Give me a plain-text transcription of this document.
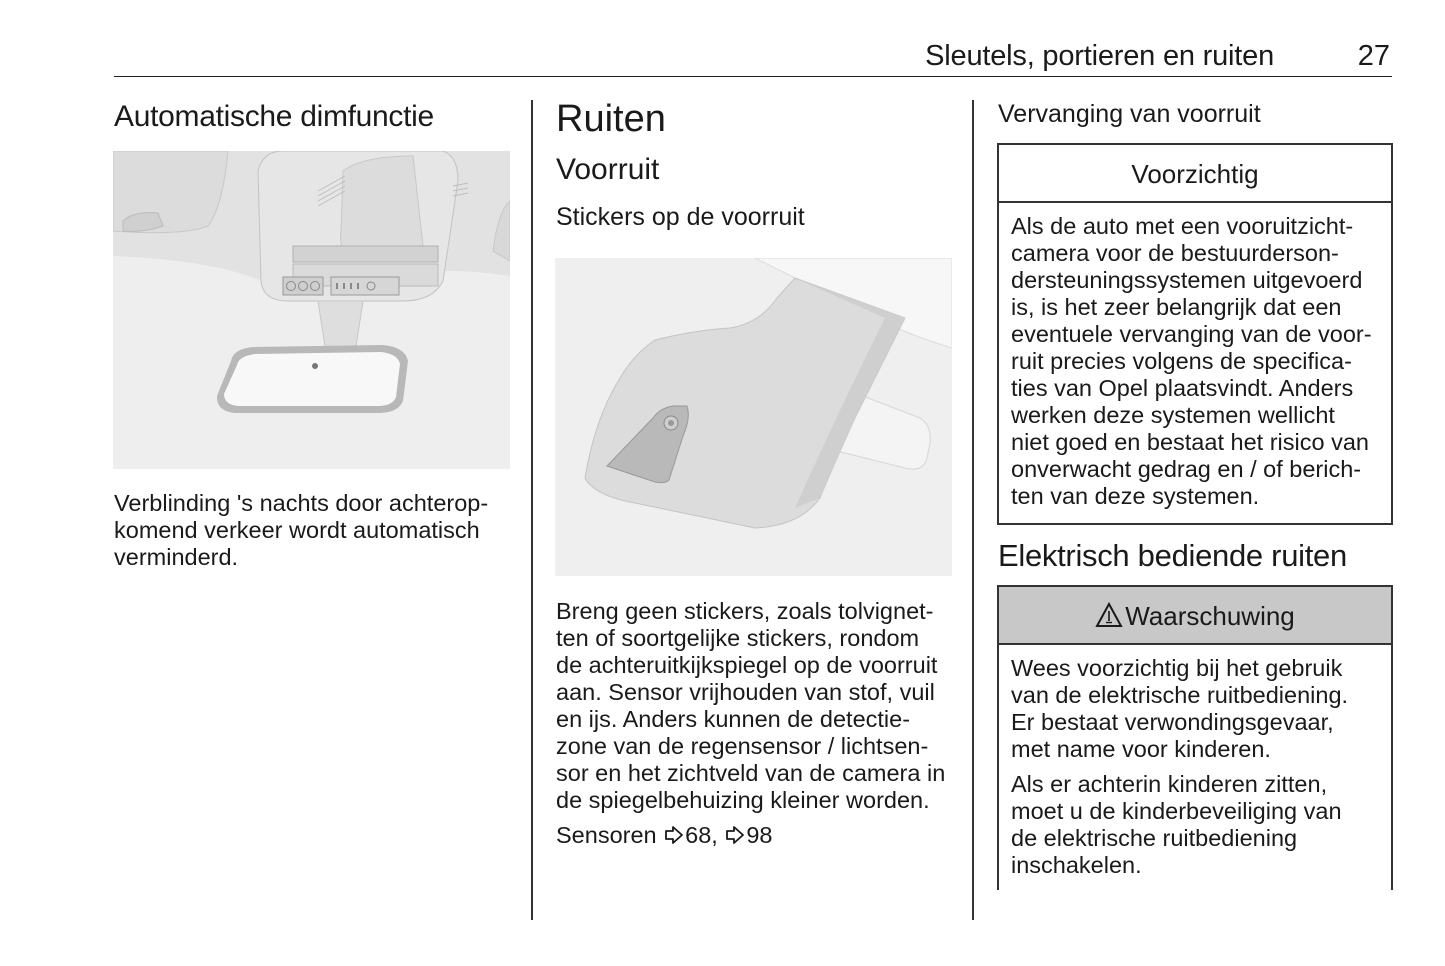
Sleutels, portieren en ruiten	27
Automatische dimfunctie

Verblinding 's nachts door achterop-
komend verkeer wordt automatisch
verminderd.

Ruiten
Voorruit
Stickers op de voorruit

Breng geen stickers, zoals tolvignet-
ten of soortgelijke stickers, rondom
de achteruitkijkspiegel op de voorruit
aan. Sensor vrijhouden van stof, vuil
en ijs. Anders kunnen de detectie-
zone van de regensensor / lichtsen-
sor en het zichtveld van de camera in
de spiegelbehuizing kleiner worden.

Sensoren 68, 98

Vervanging van voorruit
Voorzichtig

Als de auto met een vooruitzicht-
camera voor de bestuurderson-
dersteuningssystemen uitgevoerd
is, is het zeer belangrijk dat een
eventuele vervanging van de voor-
ruit precies volgens de specifica-
ties van Opel plaatsvindt. Anders
werken deze systemen wellicht
niet goed en bestaat het risico van
onverwacht gedrag en / of berich-
ten van deze systemen.

Elektrisch bediende ruiten
Waarschuwing

Wees voorzichtig bij het gebruik
van de elektrische ruitbediening.
Er bestaat verwondingsgevaar,
met name voor kinderen.

Als er achterin kinderen zitten,
moet u de kinderbeveiliging van
de elektrische ruitbediening
inschakelen.
